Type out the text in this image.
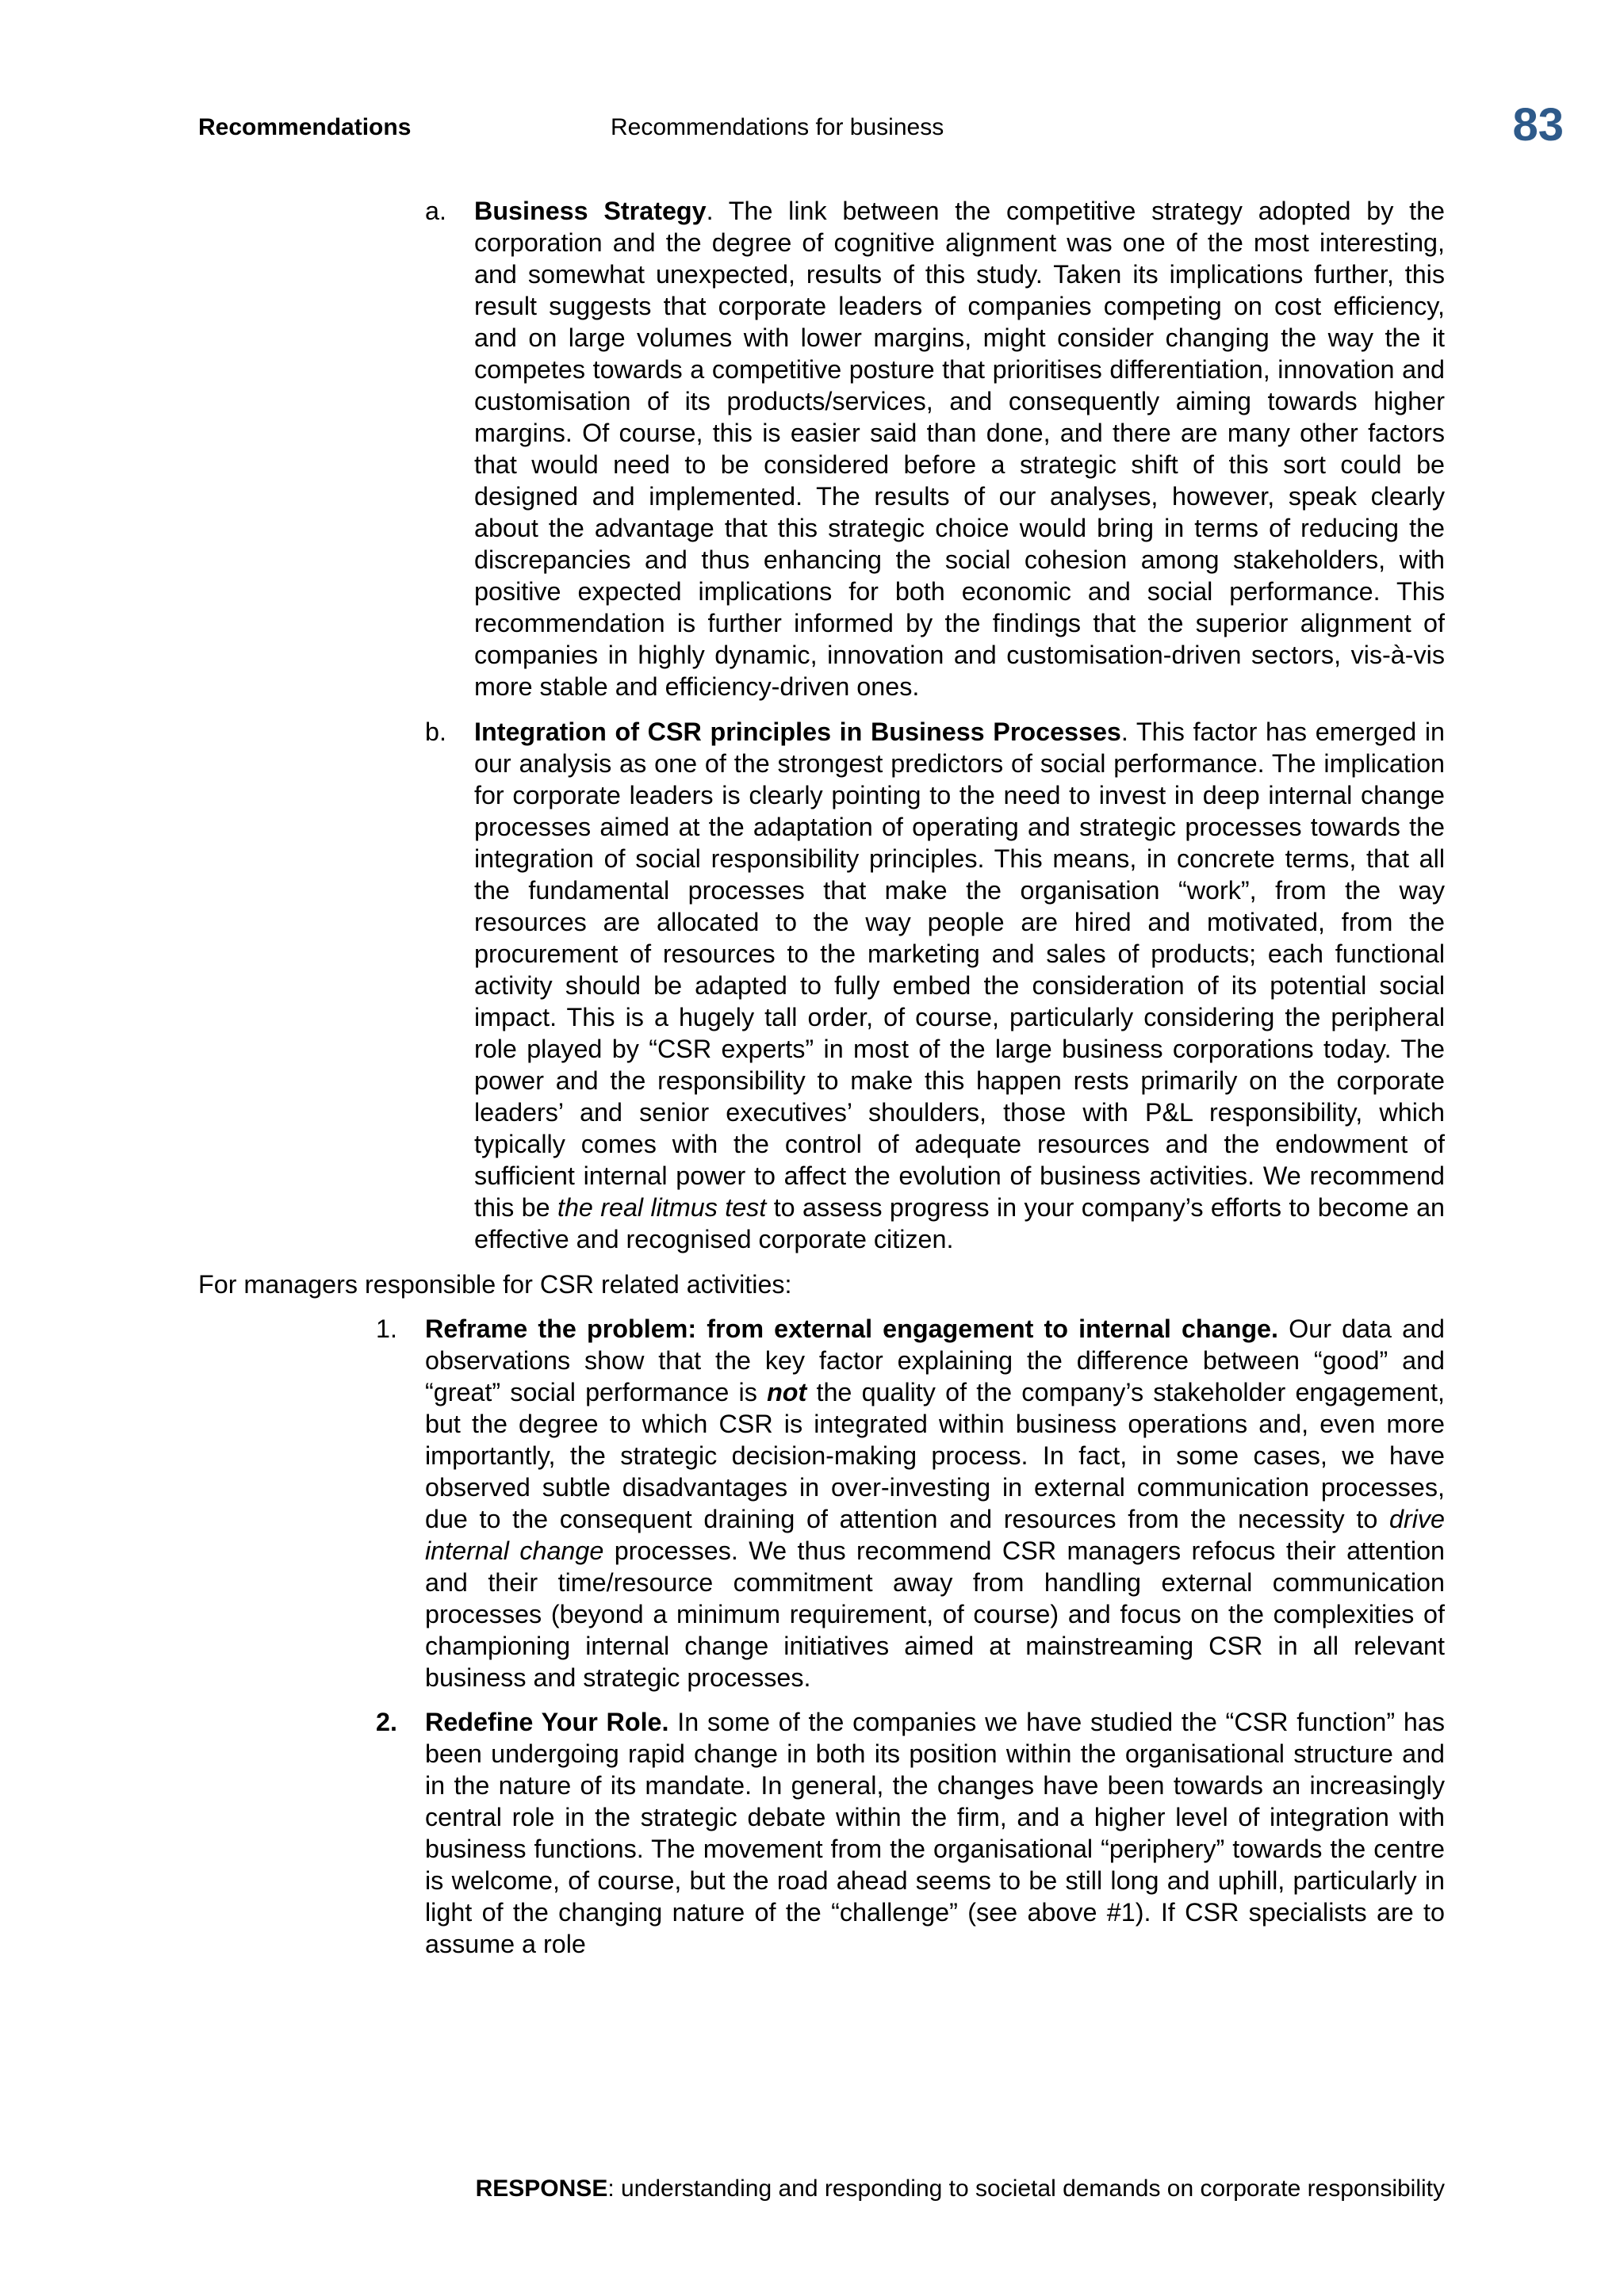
Recommendations	Recommendations for business	83

a. Business Strategy. The link between the competitive strategy adopted by the corporation and the degree of cognitive alignment was one of the most interesting, and somewhat unexpected, results of this study. Taken its implications further, this result suggests that corporate leaders of companies competing on cost efficiency, and on large volumes with lower margins, might consider changing the way the it competes towards a competitive posture that prioritises differentiation, innovation and customisation of its products/services, and consequently aiming towards higher margins. Of course, this is easier said than done, and there are many other factors that would need to be considered before a strategic shift of this sort could be designed and implemented. The results of our analyses, however, speak clearly about the advantage that this strategic choice would bring in terms of reducing the discrepancies and thus enhancing the social cohesion among stakeholders, with positive expected implications for both economic and social performance. This recommendation is further informed by the findings that the superior alignment of companies in highly dynamic, innovation and customisation-driven sectors, vis-à-vis more stable and efficiency-driven ones.

b. Integration of CSR principles in Business Processes. This factor has emerged in our analysis as one of the strongest predictors of social performance. The implication for corporate leaders is clearly pointing to the need to invest in deep internal change processes aimed at the adaptation of operating and strategic processes towards the integration of social responsibility principles. This means, in concrete terms, that all the fundamental processes that make the organisation “work”, from the way resources are allocated to the way people are hired and motivated, from the procurement of resources to the marketing and sales of products; each functional activity should be adapted to fully embed the consideration of its potential social impact. This is a hugely tall order, of course, particularly considering the peripheral role played by “CSR experts” in most of the large business corporations today. The power and the responsibility to make this happen rests primarily on the corporate leaders’ and senior executives’ shoulders, those with P&L responsibility, which typically comes with the control of adequate resources and the endowment of sufficient internal power to affect the evolution of business activities. We recommend this be the real litmus test to assess progress in your company’s efforts to become an effective and recognised corporate citizen.

For managers responsible for CSR related activities:

1. Reframe the problem: from external engagement to internal change. Our data and observations show that the key factor explaining the difference between “good” and “great” social performance is not the quality of the company’s stakeholder engagement, but the degree to which CSR is integrated within business operations and, even more importantly, the strategic decision-making process. In fact, in some cases, we have observed subtle disadvantages in over-investing in external communication processes, due to the consequent draining of attention and resources from the necessity to drive internal change processes. We thus recommend CSR managers refocus their attention and their time/resource commitment away from handling external communication processes (beyond a minimum requirement, of course) and focus on the complexities of championing internal change initiatives aimed at mainstreaming CSR in all relevant business and strategic processes.

2. Redefine Your Role. In some of the companies we have studied the “CSR function” has been undergoing rapid change in both its position within the organisational structure and in the nature of its mandate. In general, the changes have been towards an increasingly central role in the strategic debate within the firm, and a higher level of integration with business functions. The movement from the organisational “periphery” towards the centre is welcome, of course, but the road ahead seems to be still long and uphill, particularly in light of the changing nature of the “challenge” (see above #1). If CSR specialists are to assume a role

RESPONSE: understanding and responding to societal demands on corporate responsibility
